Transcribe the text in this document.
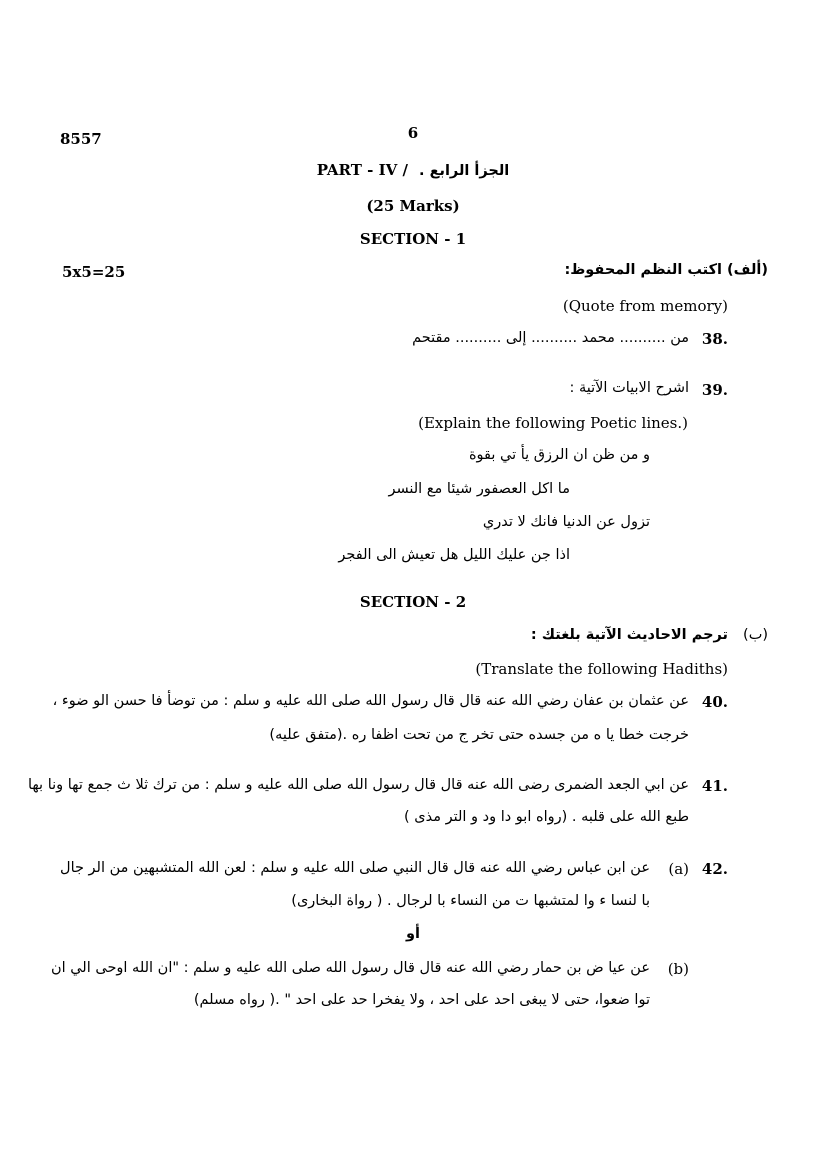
8557	6
PART - IV / الجزأ الرابع .
(25 Marks)
SECTION - 1
5x5=25	(ألف) اكتب النظم المحفوظ:
(Quote from memory)
38.
من .......... محمد .......... إلى .......... مقتحم
39.
اشرح الابيات الآتية :
(Explain the following Poetic lines.)
و من ظن ان الرزق يأ تي بقوة
ما اكل العصفور شيئا مع النسر
تزول عن الدنيا فانك لا تدري
اذا جن عليك الليل هل تعيش الى الفجر
SECTION - 2
(ب)
ترجم الاحاديث الآتية بلغتك :
(Translate the following Hadiths)
40.
عن عثمان بن عفان رضي الله عنه قال قال رسول الله صلى الله عليه و سلم : من توضأ فا حسن الو ضوء ،
خرجت خطا يا ه من جسده حتى تخر ج من تحت اظفا ره .(متفق عليه)
41.
عن ابي الجعد الضمرى رضى الله عنه قال قال رسول الله صلى الله عليه و سلم : من ترك ثلا ث جمع تها ونا بها
طبع الله على قلبه . (رواه ابو دا ود و التر مذى )
42.
(a)
عن ابن عباس رضي الله عنه قال قال النبي صلى الله عليه و سلم : لعن الله المتشبهين من الر جال
با لنسا ء وا لمتشبها ت من النساء با لرجال . ( رواة البخارى)
أو
(b)
عن عيا ض بن حمار رضي الله عنه قال قال رسول الله صلى الله عليه و سلم : "ان الله اوحى الي ان
توا ضعوا، حتى لا يبغى احد على احد ، ولا يفخرا حد على احد " .( رواه مسلم)
